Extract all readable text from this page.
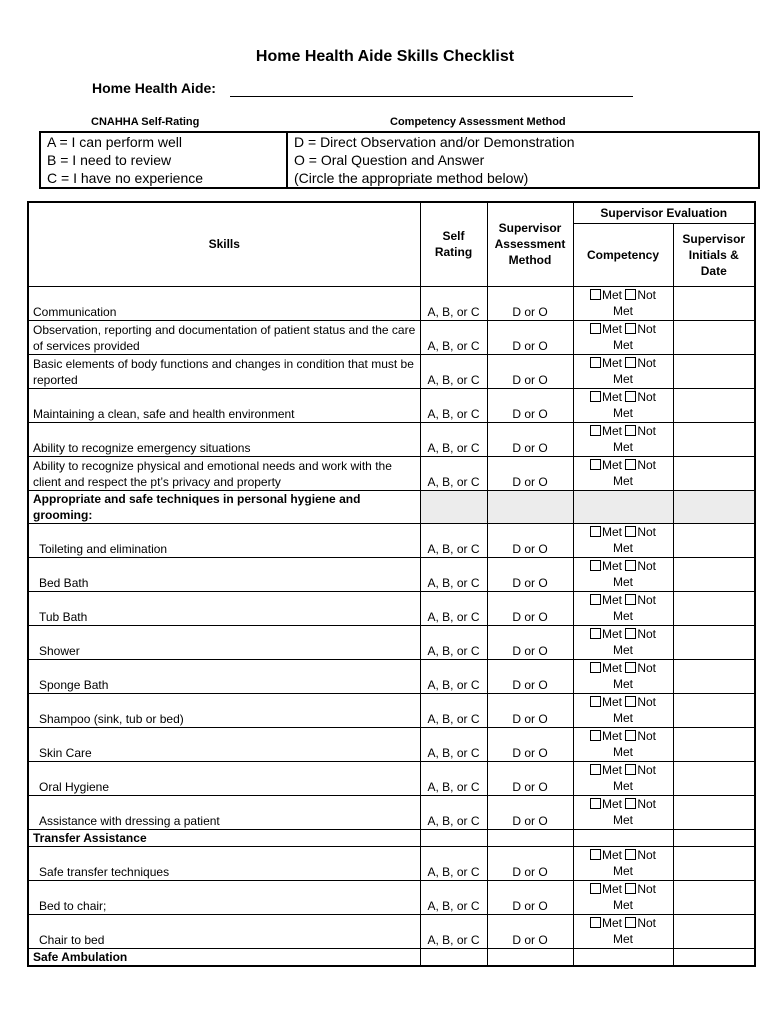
Home Health Aide Skills Checklist
Home Health Aide:
CNAHHA Self-Rating	Competency Assessment Method
A = I can perform well	D = Direct Observation and/or Demonstration
B = I need to review	O = Oral Question and Answer
C = I have no experience	(Circle the appropriate method below)
Skills	Self Rating	Supervisor Assessment Method	Supervisor Evaluation	
			Competency	Supervisor Initials & Date
Communication	A, B, or C	D or O	Met Not
Met	
Observation, reporting and documentation of patient status and the care of services provided	A, B, or C	D or O	Met Not
Met	
Basic elements of body functions and changes in condition that must be reported	A, B, or C	D or O	Met Not
Met	
Maintaining a clean, safe and health environment	A, B, or C	D or O	Met Not
Met	
Ability to recognize emergency situations	A, B, or C	D or O	Met Not
Met	
Ability to recognize physical and emotional needs and work with the client and respect the pt’s privacy and property	A, B, or C	D or O	Met Not
Met	
Appropriate and safe techniques in personal hygiene and grooming:				
Toileting and elimination	A, B, or C	D or O	Met Not
Met	
Bed Bath	A, B, or C	D or O	Met Not
Met	
Tub Bath	A, B, or C	D or O	Met Not
Met	
Shower	A, B, or C	D or O	Met Not
Met	
Sponge Bath	A, B, or C	D or O	Met Not
Met	
Shampoo (sink, tub or bed)	A, B, or C	D or O	Met Not
Met	
Skin Care	A, B, or C	D or O	Met Not
Met	
Oral Hygiene	A, B, or C	D or O	Met Not
Met	
Assistance with dressing a patient	A, B, or C	D or O	Met Not
Met	
Transfer Assistance				
Safe transfer techniques	A, B, or C	D or O	Met Not
Met	
Bed to chair;	A, B, or C	D or O	Met Not
Met	
Chair to bed	A, B, or C	D or O	Met Not
Met	
Safe Ambulation				
